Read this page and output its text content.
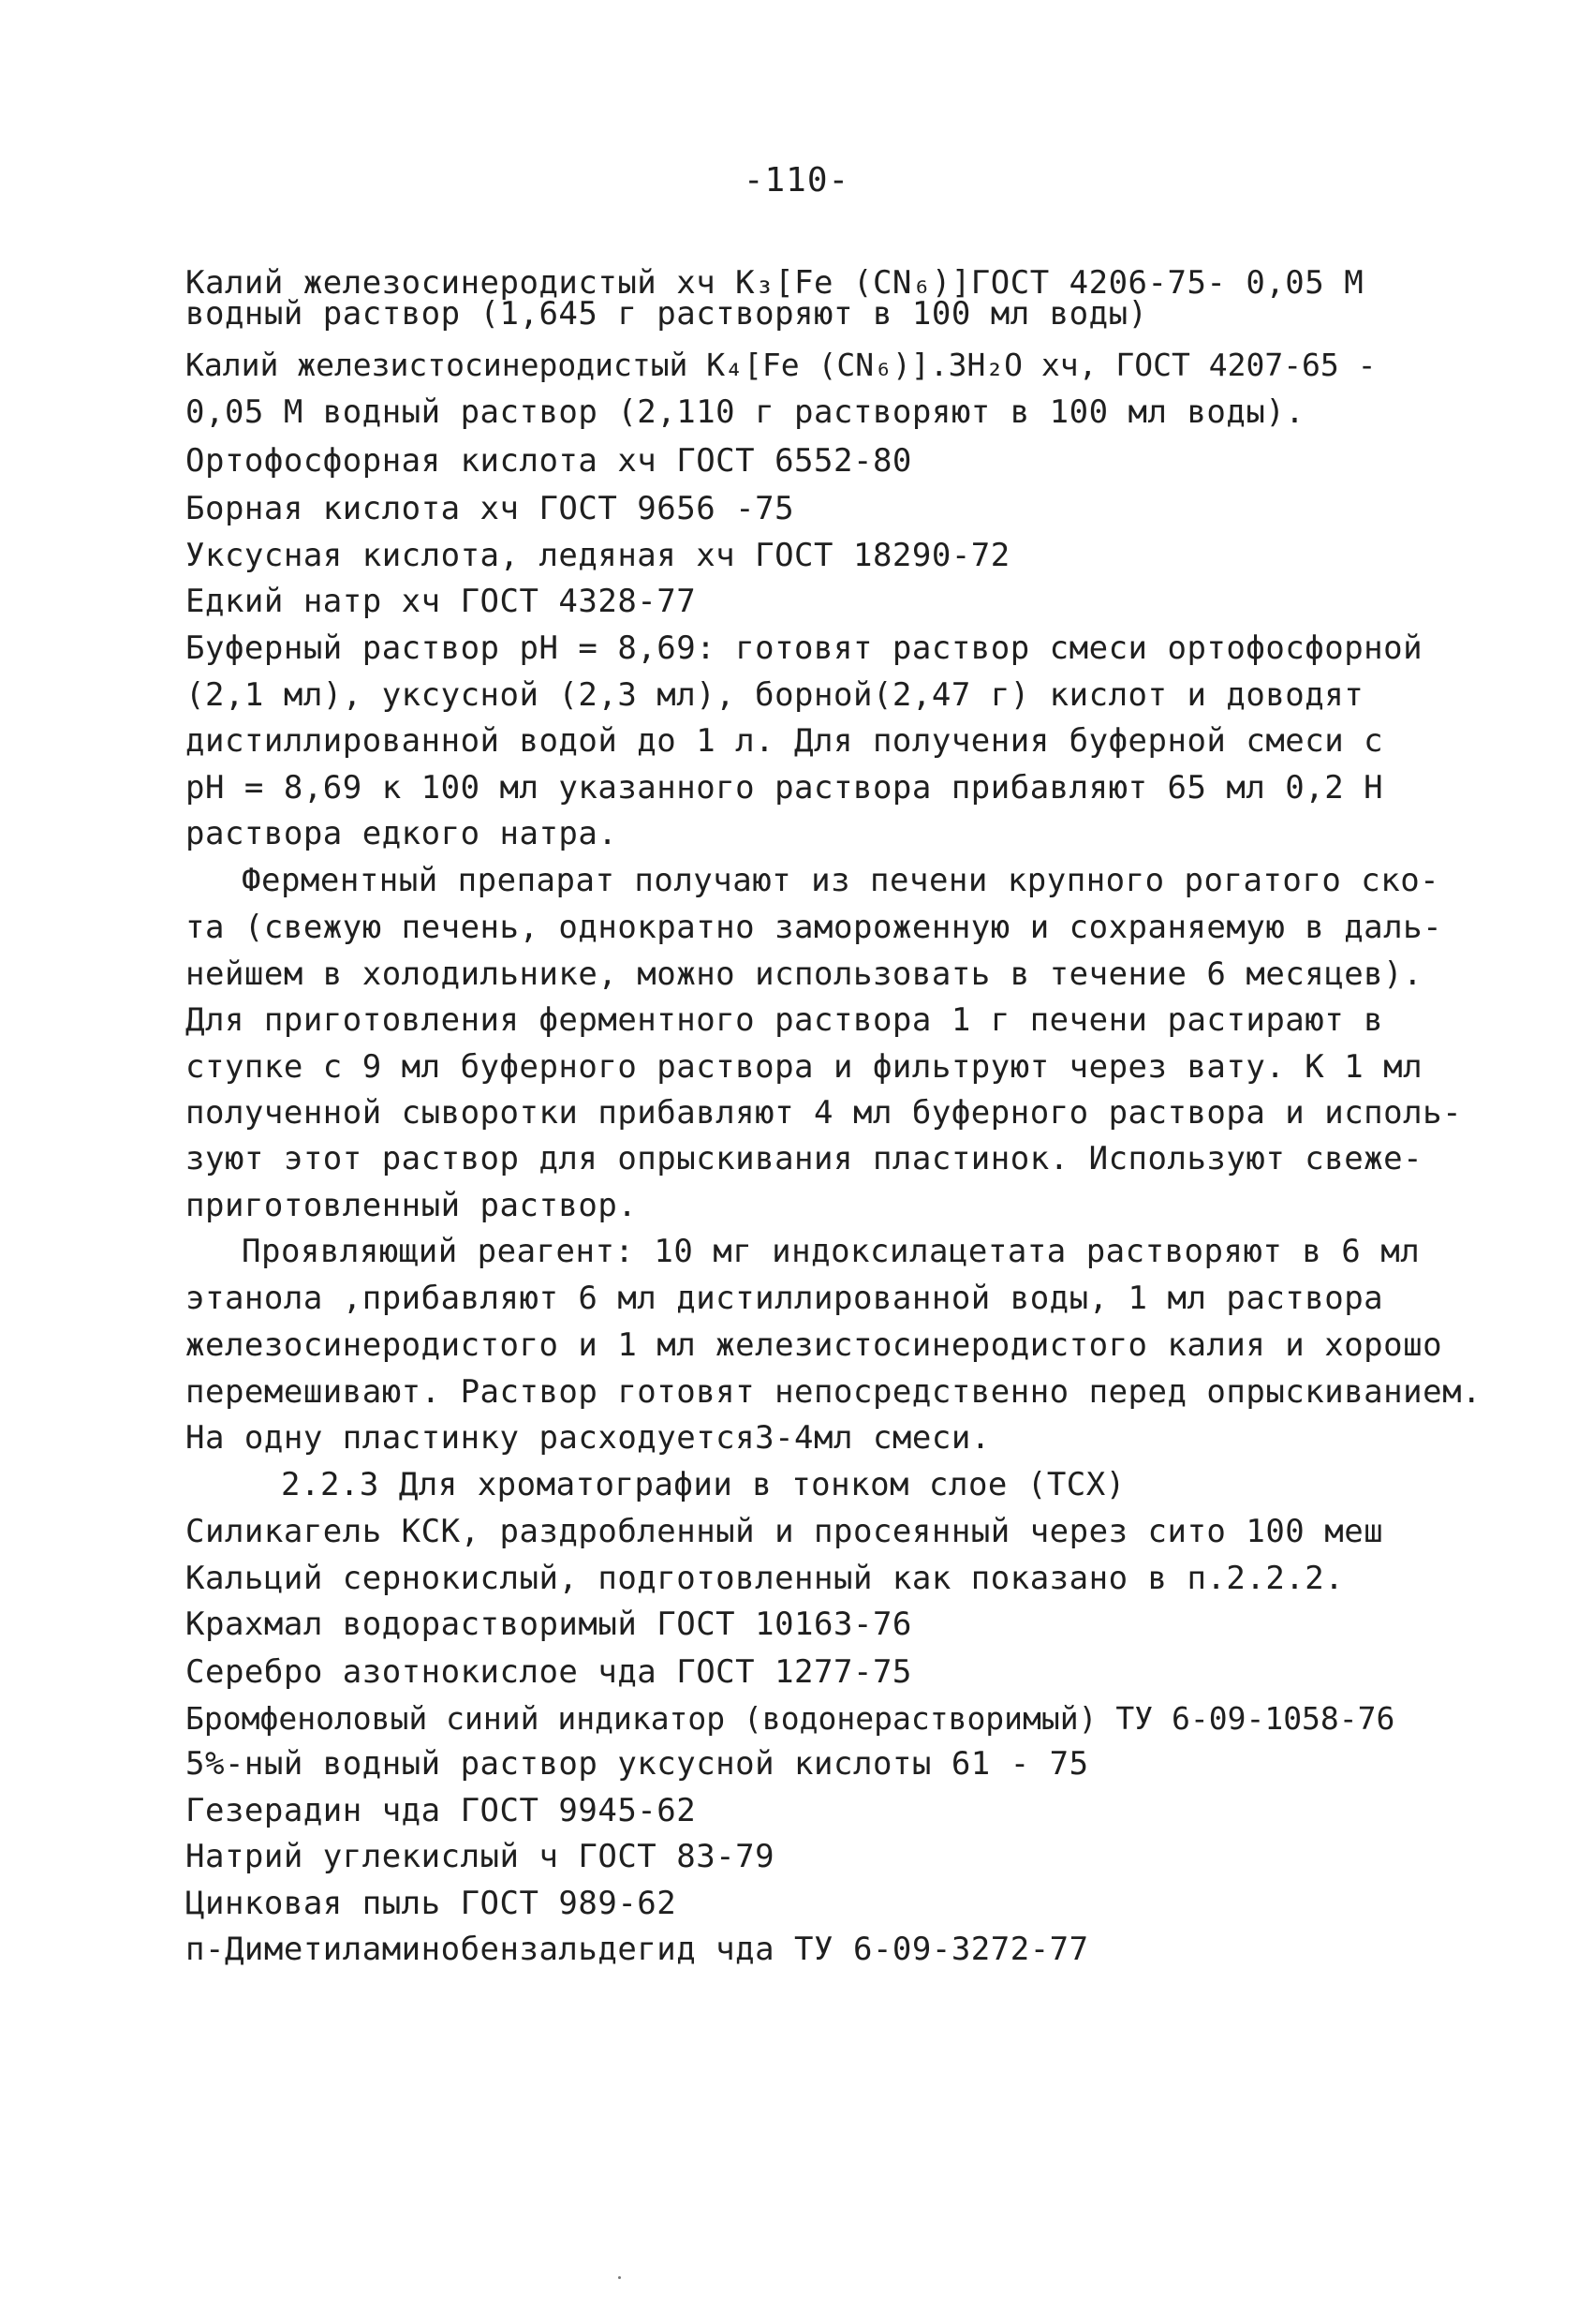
-110-
Калий железосинеродистый хч K₃[Fe (CN₆)]ГОСТ 4206-75- 0,05 М
водный раствор (1,645 г растворяют в 100 мл воды)
Калий железистосинеродистый K₄[Fe (CN₆)].3H₂O хч, ГОСТ 4207-65 -
0,05 М водный раствор (2,110 г растворяют в 100 мл воды).
Ортофосфорная кислота хч ГОСТ 6552-80
Борная кислота хч ГОСТ 9656 -75
Уксусная кислота, ледяная хч ГОСТ 18290-72
Едкий натр хч ГОСТ 4328-77
Буферный раствор pH = 8,69: готовят раствор смеси ортофосфорной
(2,1 мл), уксусной (2,3 мл), борной(2,47 г) кислот и доводят
дистиллированной водой до 1 л. Для получения буферной смеси с
pH = 8,69 к 100 мл указанного раствора прибавляют 65 мл 0,2 Н
раствора едкого натра.
Ферментный препарат получают из печени крупного рогатого ско-
та (свежую печень, однократно замороженную и сохраняемую в даль-
нейшем в холодильнике, можно использовать в течение 6 месяцев).
Для приготовления ферментного раствора 1 г печени растирают в
ступке с 9 мл буферного раствора и фильтруют через вату. К 1 мл
полученной сыворотки прибавляют 4 мл буферного раствора и исполь-
зуют этот раствор для опрыскивания пластинок. Используют свеже-
приготовленный раствор.
Проявляющий реагент: 10 мг индоксилацетата растворяют в 6 мл
этанола ,прибавляют 6 мл дистиллированной воды, 1 мл раствора
железосинеродистого и 1 мл железистосинеродистого калия и хорошо
перемешивают. Раствор готовят непосредственно перед опрыскиванием.
На одну пластинку расходуется3-4мл смеси.
2.2.3 Для хроматографии в тонком слое (ТСХ)
Силикагель КСК, раздробленный и просеянный через сито 100 меш
Кальций сернокислый, подготовленный как показано в п.2.2.2.
Крахмал водорастворимый ГОСТ 10163-76
Серебро азотнокислое чда ГОСТ 1277-75
Бромфеноловый синий индикатор (водонерастворимый) ТУ 6-09-1058-76
5%-ный водный раствор уксусной кислоты 61 - 75
Гезерадин чда ГОСТ 9945-62
Натрий углекислый ч ГОСТ 83-79
Цинковая пыль ГОСТ 989-62
п-Диметиламинобензальдегид чда ТУ 6-09-3272-77
